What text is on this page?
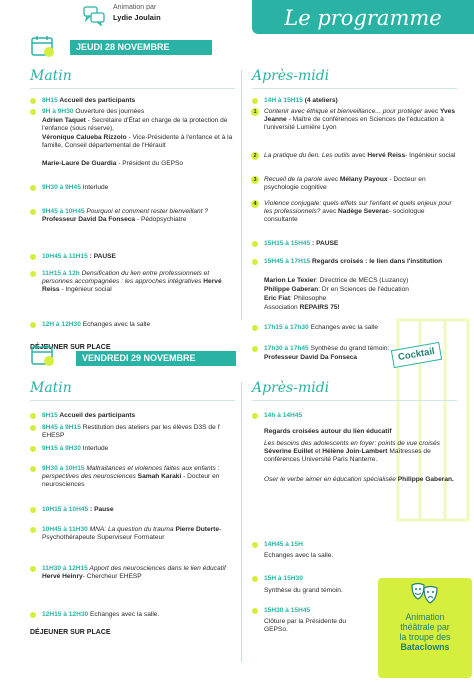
Animation par
Lydie Joulain	Le programme
JEUDI 28 NOVEMBRE
Matin	Après-midi
8H15 Accueil des participants
9H à 9H30 Ouverture des journées
Adrien Taquet - Secrétaire d'État en charge de la protection de l'enfance (sous réserve),
Véronique Calueba Rizzolo - Vice-Présidente à l'enfance et à la famille, Conseil départemental de l'Hérault
Marie-Laure De Guardia - Président du GEPSo
9H30 à 9H45 Interlude
9H45 à 10H45 Pourquoi et comment rester bienveillant ? Professeur David Da Fonseca - Pédopsychiatre
10H45 à 11H15 : PAUSE
11H15 à 12h Densification du lien entre professionnels et personnes accompagnées : les approches intégratives Hervé Reiss - Ingénieur social
12H à 12H30 Echanges avec la salle
DÉJEUNER SUR PLACE
14H à 15H15 (4 ateliers)
1	Contenir avec éthique et bienveillance... pour protéger avec Yves Jeanne - Maître de conférences en Sciences de l'éducation à l'université Lumière Lyon
2	La pratique du lien. Les outils avec Hervé Reiss- Ingénieur social
3	Recueil de la parole avec Mélany Payoux - Docteur en psychologie cognitive
4	Violence conjugale: quels effets sur l'enfant et quels enjeux pour les professionnels? avec Nadège Severac- sociologue consultante
15H15 à 15H45 : PAUSE
15H45 à 17H15 Regards croisés : le lien dans l'institution
Marion Le Texier: Directrice de MECS (Luzancy)
Philippe Gaberan: Dr en Sciences de l'éducation
Eric Fiat: Philosophe
Association REPAIRS 75!
17h15 à 17h30 Echanges avec la salle
17h30 à 17h45 Synthèse du grand témoin:
Professeur David Da Fonseca	Cocktail
VENDREDI 29 NOVEMBRE
Matin	Après-midi
8H15 Accueil des participants
8H45 à 9H15 Restitution des ateliers par les élèves D3S de l' EHESP
9H15 à 9H30 Interlude
9H30 à 10H15 Maltraitances et violences faites aux enfants : perspectives des neurosciences Samah Karaki - Docteur en neurosciences
10H15 à 10H45 : Pause
10H45 à 11H30 MNA: La question du trauma Pierre Duterte-Psychothérapeute Superviseur Formateur
11H30 à 12H15 Apport des neurosciences dans le lien éducatif Hervé Heinry- Chercheur EHESP
12H15 à 12H30 Echanges avec la salle.
DÉJEUNER SUR PLACE
14h à 14H45
Regards croisées autour du lien éducatif
Les besoins des adolescents en foyer: points de vue croisés Séverine Euillet et Hélène Join-Lambert Maîtresses de conférences Université Paris Nanterre.
Oser le verbe aimer en éducation spécialisée Philippe Gaberan.
14H45 à 15H
Echanges avec la salle.
15H à 15H30
Synthèse du grand témoin.
15H30 à 15H45
Clôture par la Présidente du GEPSo.
Animation
théâtrale par
la troupe des
Bataclowns
